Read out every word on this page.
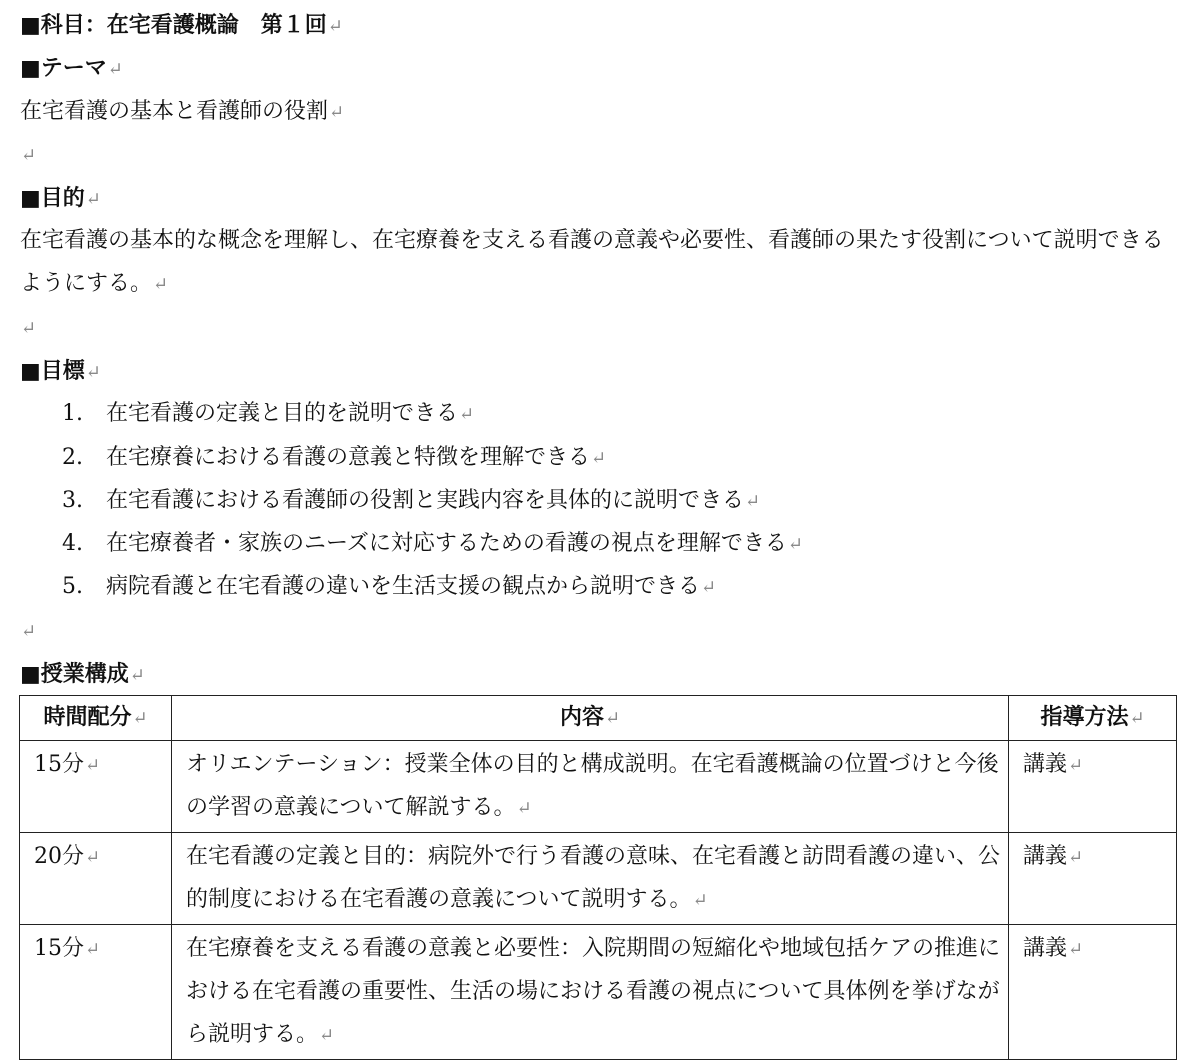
■科目：在宅看護概論　第１回↵
■テーマ↵
在宅看護の基本と看護師の役割↵
↵
■目的↵
在宅看護の基本的な概念を理解し、在宅療養を支える看護の意義や必要性、看護師の果たす役割について説明できるようにする。↵
↵
■目標↵
1. 在宅看護の定義と目的を説明できる↵
2. 在宅療養における看護の意義と特徴を理解できる↵
3. 在宅看護における看護師の役割と実践内容を具体的に説明できる↵
4. 在宅療養者・家族のニーズに対応するための看護の視点を理解できる↵
5. 病院看護と在宅看護の違いを生活支援の観点から説明できる↵
↵
■授業構成↵
時間配分↵	内容↵	指導方法↵
15分↵	オリエンテーション：授業全体の目的と構成説明。在宅看護概論の位置づけと今後の学習の意義について解説する。↵	講義↵
20分↵	在宅看護の定義と目的：病院外で行う看護の意味、在宅看護と訪問看護の違い、公的制度における在宅看護の意義について説明する。↵	講義↵
15分↵	在宅療養を支える看護の意義と必要性：入院期間の短縮化や地域包括ケアの推進における在宅看護の重要性、生活の場における看護の視点について具体例を挙げながら説明する。↵	講義↵
